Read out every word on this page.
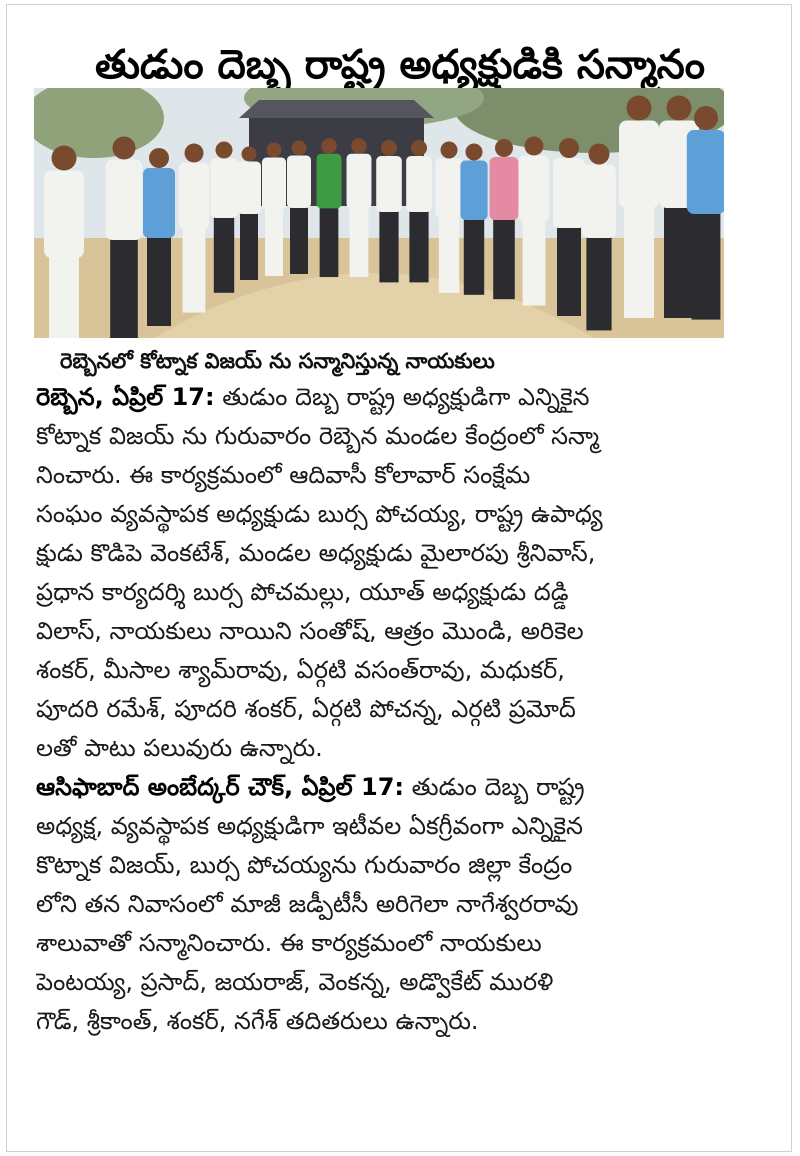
తుడుం దెబ్బ రాష్ట్ర అధ్యక్షుడికి సన్మానం
రెబ్బెనలో కోట్నాక విజయ్ ను సన్మానిస్తున్న నాయకులు
రెబ్బెన, ఏప్రిల్ 17: తుడుం దెబ్బ రాష్ట్ర అధ్యక్షుడిగా ఎన్నికైన
కోట్నాక విజయ్ ను గురువారం రెబ్బెన మండల కేంద్రంలో సన్మా
నించారు. ఈ కార్యక్రమంలో ఆదివాసీ కోలావార్ సంక్షేమ
సంఘం వ్యవస్థాపక అధ్యక్షుడు బుర్స పోచయ్య, రాష్ట్ర ఉపాధ్య
క్షుడు కొడిపె వెంకటేశ్, మండల అధ్యక్షుడు మైలారపు శ్రీనివాస్,
ప్రధాన కార్యదర్శి బుర్స పోచమల్లు, యూత్ అధ్యక్షుడు దడ్డి
విలాస్, నాయకులు నాయిని సంతోష్, ఆత్రం మొండి, అరికెల
శంకర్, మీసాల శ్యామ్‌రావు, ఏర్గటి వసంత్‌రావు, మధుకర్,
పూదరి రమేశ్, పూదరి శంకర్, ఏర్గటి పోచన్న, ఎర్గటి ప్రమోద్
లతో పాటు పలువురు ఉన్నారు.
ఆసిఫాబాద్ అంబేద్కర్ చౌక్, ఏప్రిల్ 17: తుడుం దెబ్బ రాష్ట్ర
అధ్యక్ష, వ్యవస్థాపక అధ్యక్షుడిగా ఇటీవల ఏకగ్రీవంగా ఎన్నికైన
కొట్నాక విజయ్, బుర్స పోచయ్యను గురువారం జిల్లా కేంద్రం
లోని తన నివాసంలో మాజీ జడ్పీటీసీ అరిగెలా నాగేశ్వరరావు
శాలువాతో సన్మానించారు. ఈ కార్యక్రమంలో నాయకులు
పెంటయ్య, ప్రసాద్, జయరాజ్, వెంకన్న, అడ్వొకేట్ మురళి
గౌడ్, శ్రీకాంత్, శంకర్, నగేశ్ తదితరులు ఉన్నారు.
